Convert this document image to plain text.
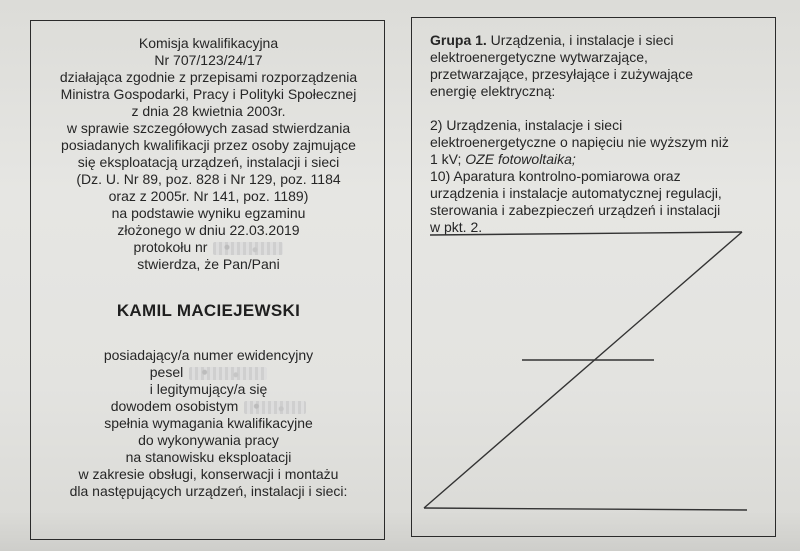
Komisja kwalifikacyjna
Nr 707/123/24/17
działająca zgodnie z przepisami rozporządzenia
Ministra Gospodarki, Pracy i Polityki Społecznej
z dnia 28 kwietnia 2003r.
w sprawie szczegółowych zasad stwierdzania
posiadanych kwalifikacji przez osoby zajmujące
się eksploatacją urządzeń, instalacji i sieci
(Dz. U. Nr 89, poz. 828 i Nr 129, poz. 1184
oraz z 2005r. Nr 141, poz. 1189)
na podstawie wyniku egzaminu
złożonego w dniu 22.03.2019
protokołu nr
stwierdza, że Pan/Pani
KAMIL MACIEJEWSKI
posiadający/a numer ewidencyjny
pesel
i legitymujący/a się
dowodem osobistym
spełnia wymagania kwalifikacyjne
do wykonywania pracy
na stanowisku eksploatacji
w zakresie obsługi, konserwacji i montażu
dla następujących urządzeń, instalacji i sieci:
Grupa 1. Urządzenia, i instalacje i sieci
elektroenergetyczne wytwarzające,
przetwarzające, przesyłające i zużywające
energię elektryczną:
2) Urządzenia, instalacje i sieci
elektroenergetyczne o napięciu nie wyższym niż
1 kV; OZE fotowoltaika;
10) Aparatura kontrolno-pomiarowa oraz
urządzenia i instalacje automatycznej regulacji,
sterowania i zabezpieczeń urządzeń i instalacji
w pkt. 2.
